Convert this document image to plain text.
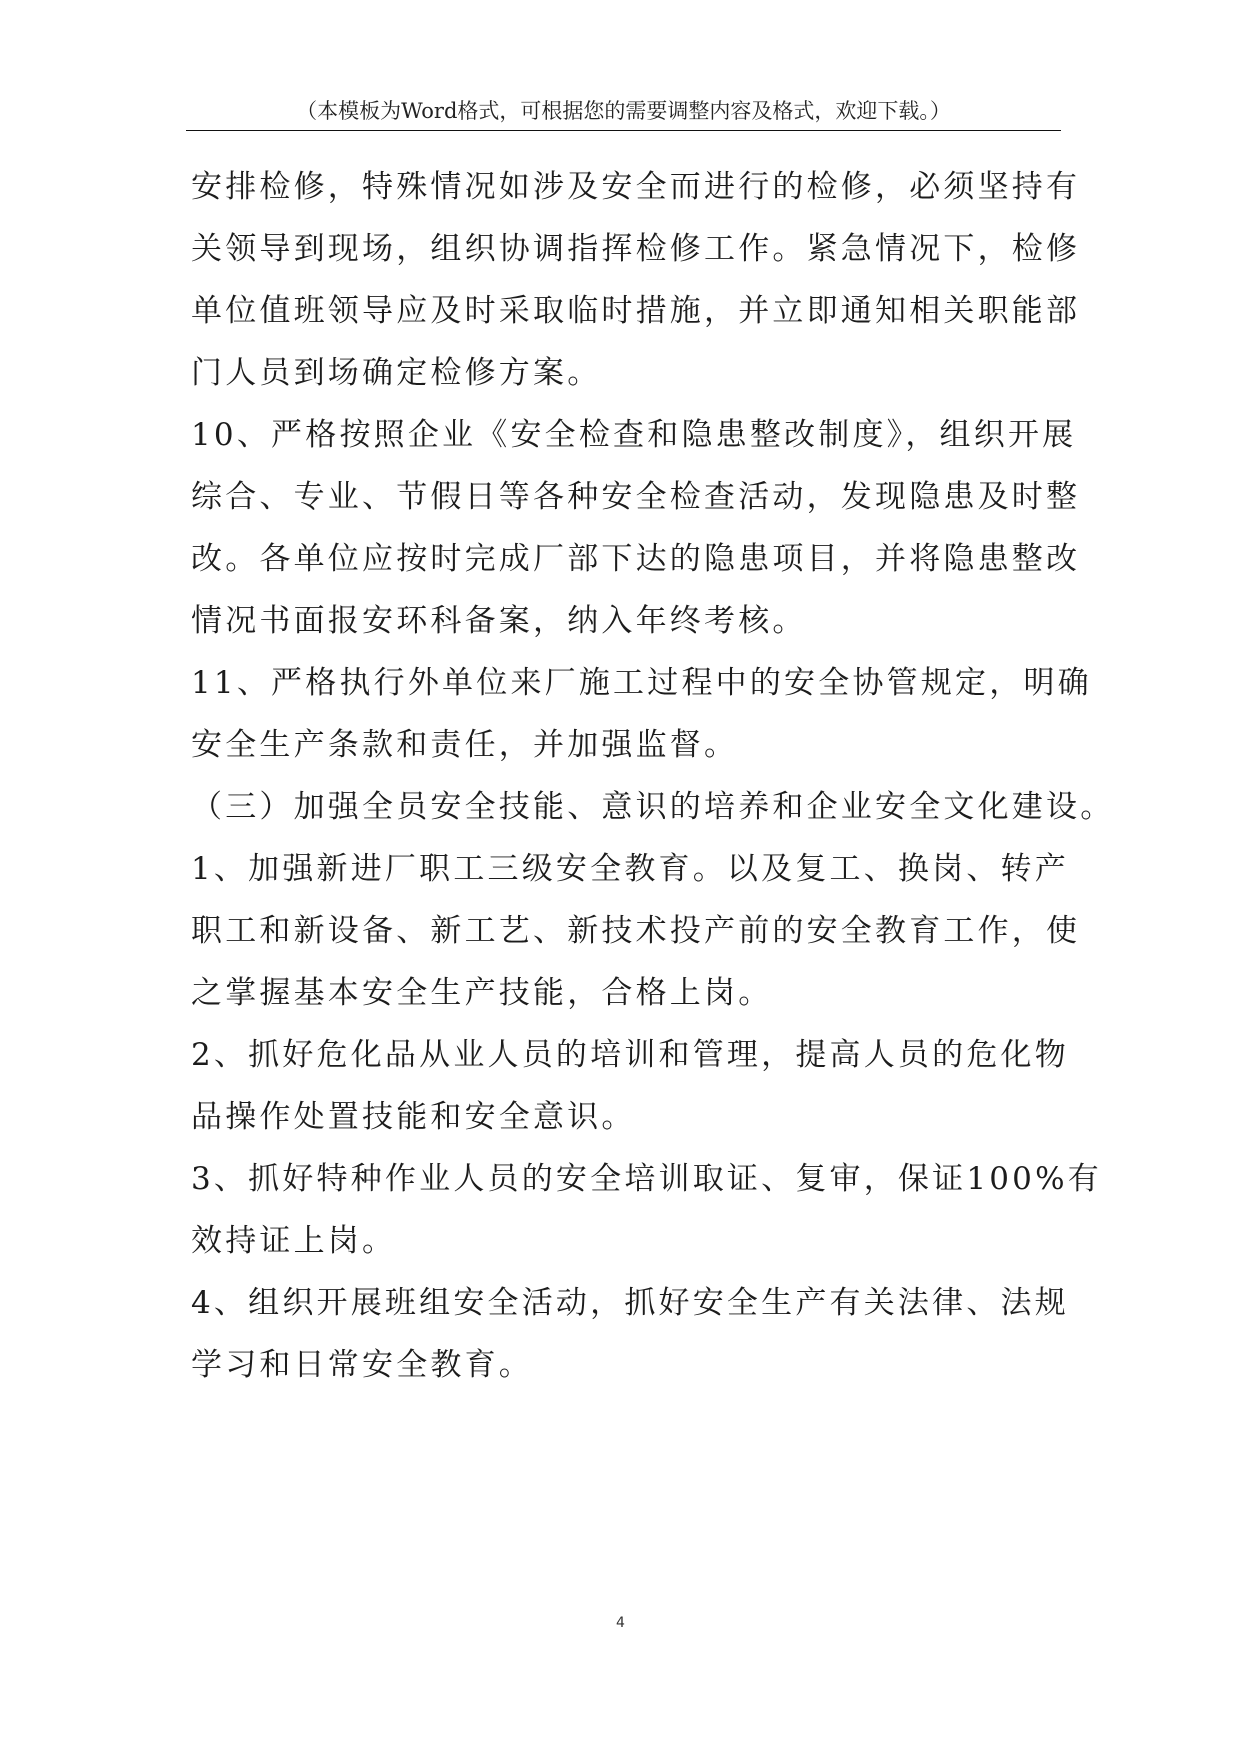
（本模板为Word格式，可根据您的需要调整内容及格式，欢迎下载。）
安排检修，特殊情况如涉及安全而进行的检修，必须坚持有
关领导到现场，组织协调指挥检修工作。紧急情况下，检修
单位值班领导应及时采取临时措施，并立即通知相关职能部
门人员到场确定检修方案。
10、严格按照企业《安全检查和隐患整改制度》，组织开展
综合、专业、节假日等各种安全检查活动，发现隐患及时整
改。各单位应按时完成厂部下达的隐患项目，并将隐患整改
情况书面报安环科备案，纳入年终考核。
11、严格执行外单位来厂施工过程中的安全协管规定，明确
安全生产条款和责任，并加强监督。
（三）加强全员安全技能、意识的培养和企业安全文化建设。
1、加强新进厂职工三级安全教育。以及复工、换岗、转产
职工和新设备、新工艺、新技术投产前的安全教育工作，使
之掌握基本安全生产技能，合格上岗。
2、抓好危化品从业人员的培训和管理，提高人员的危化物
品操作处置技能和安全意识。
3、抓好特种作业人员的安全培训取证、复审，保证100%有
效持证上岗。
4、组织开展班组安全活动，抓好安全生产有关法律、法规
学习和日常安全教育。
4
